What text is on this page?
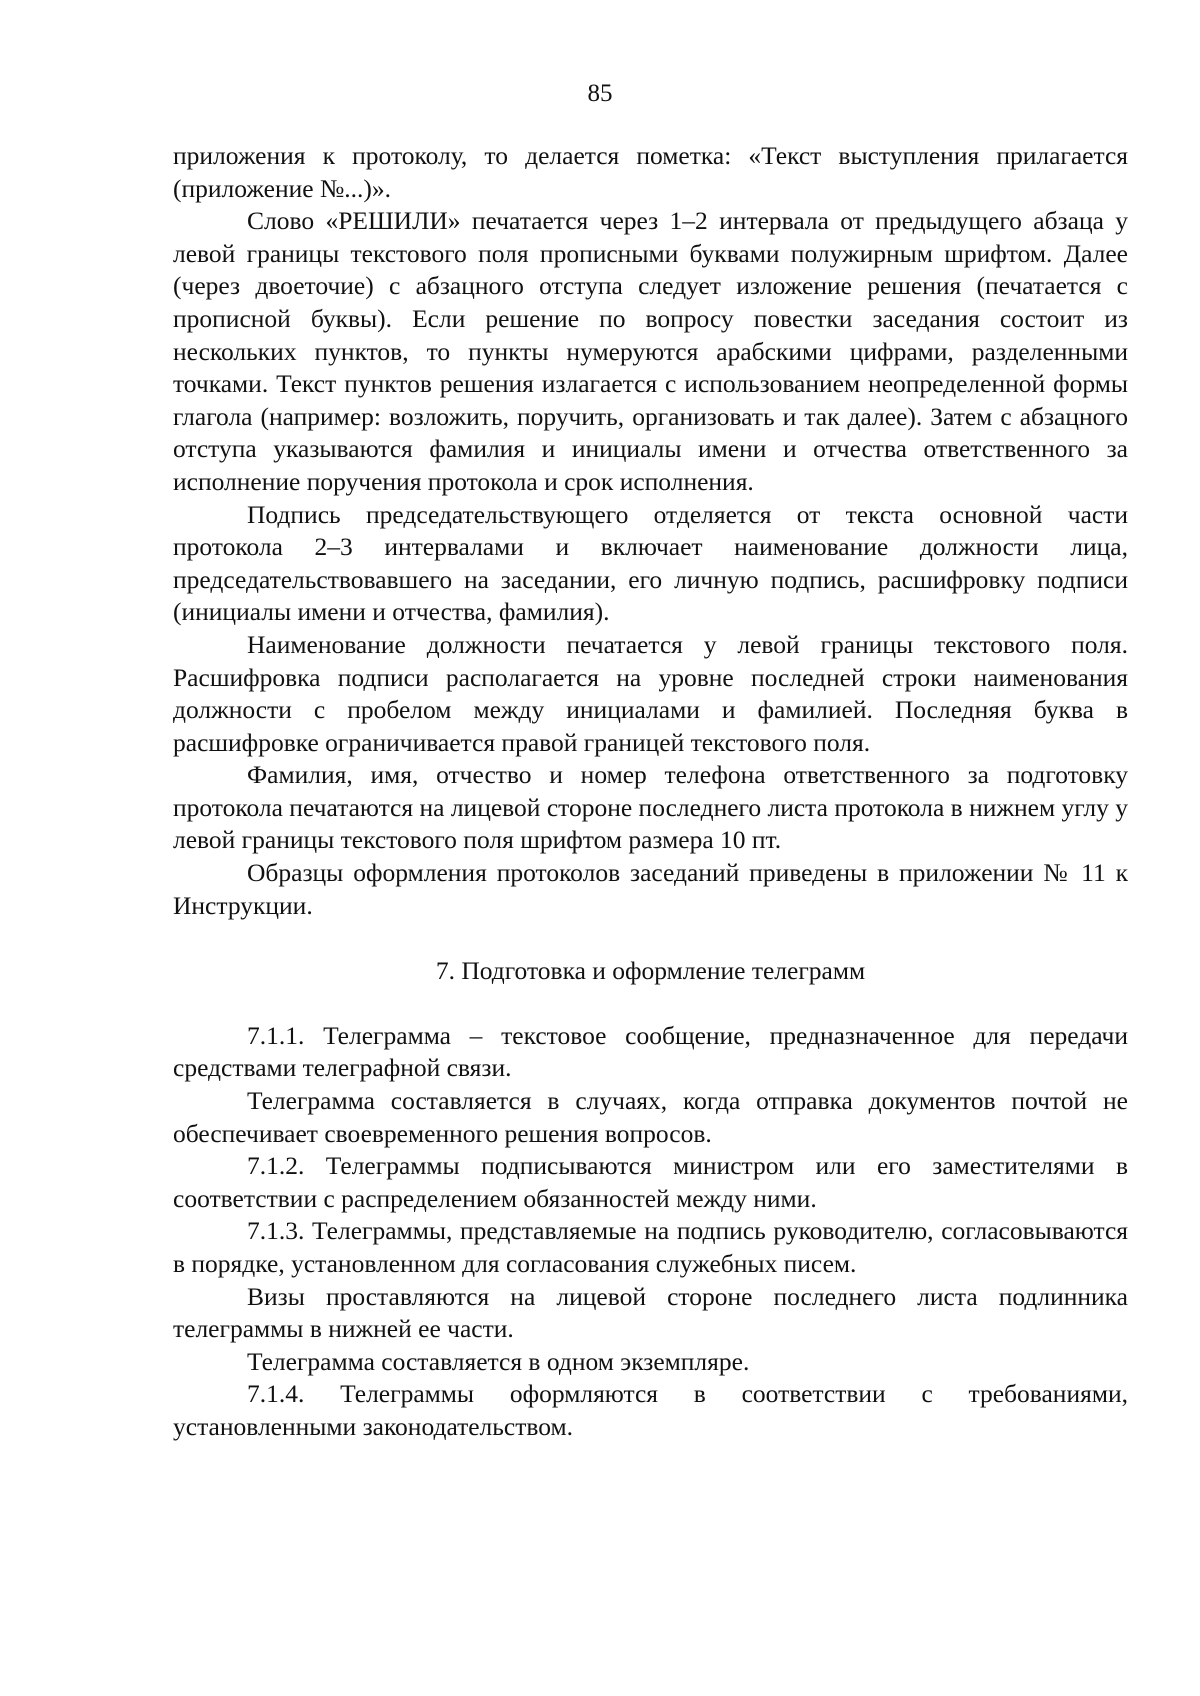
85

приложения к протоколу, то делается пометка: «Текст выступления прилагается (приложение №...)».

Слово «РЕШИЛИ» печатается через 1–2 интервала от предыдущего абзаца у левой границы текстового поля прописными буквами полужирным шрифтом. Далее (через двоеточие) с абзацного отступа следует изложение решения (печатается с прописной буквы). Если решение по вопросу повестки заседания состоит из нескольких пунктов, то пункты нумеруются арабскими цифрами, разделенными точками. Текст пунктов решения излагается с использованием неопределенной формы глагола (например: возложить, поручить, организовать и так далее). Затем с абзацного отступа указываются фамилия и инициалы имени и отчества ответственного за исполнение поручения протокола и срок исполнения.

Подпись председательствующего отделяется от текста основной части протокола 2–3 интервалами и включает наименование должности лица, председательствовавшего на заседании, его личную подпись, расшифровку подписи (инициалы имени и отчества, фамилия).

Наименование должности печатается у левой границы текстового поля. Расшифровка подписи располагается на уровне последней строки наименования должности с пробелом между инициалами и фамилией. Последняя буква в расшифровке ограничивается правой границей текстового поля.

Фамилия, имя, отчество и номер телефона ответственного за подготовку протокола печатаются на лицевой стороне последнего листа протокола в нижнем углу у левой границы текстового поля шрифтом размера 10 пт.

Образцы оформления протоколов заседаний приведены в приложении № 11 к Инструкции.

7. Подготовка и оформление телеграмм

7.1.1. Телеграмма – текстовое сообщение, предназначенное для передачи средствами телеграфной связи.

Телеграмма составляется в случаях, когда отправка документов почтой не обеспечивает своевременного решения вопросов.

7.1.2. Телеграммы подписываются министром или его заместителями в соответствии с распределением обязанностей между ними.

7.1.3. Телеграммы, представляемые на подпись руководителю, согласовываются в порядке, установленном для согласования служебных писем.

Визы проставляются на лицевой стороне последнего листа подлинника телеграммы в нижней ее части.

Телеграмма составляется в одном экземпляре.

7.1.4. Телеграммы оформляются в соответствии с требованиями, установленными законодательством.
